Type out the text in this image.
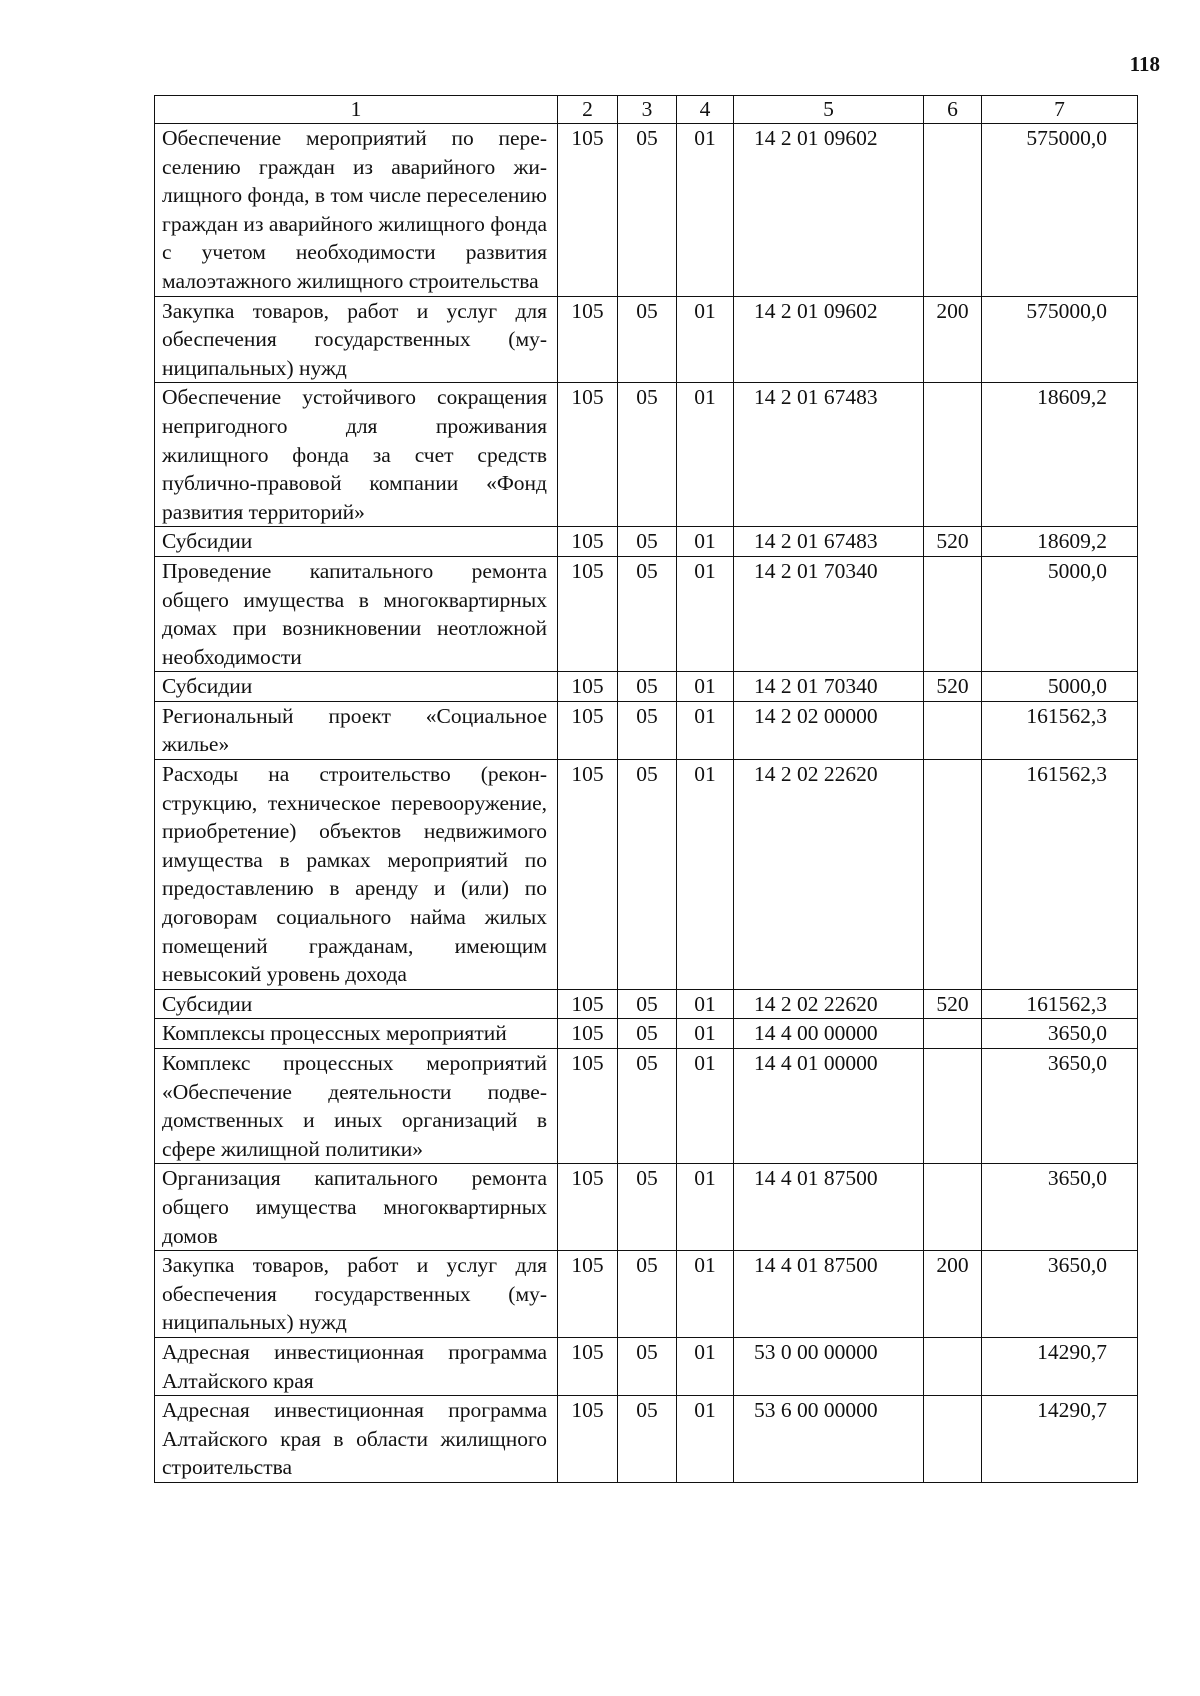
118
1	2	3	4	5	6	7
Обеспечение мероприятий по переселению граждан из аварийного жилищного фонда, в том числе переселению граждан из аварийного жилищного фонда с учетом необходимости развития малоэтажного жилищного строительства	105	05	01	14 2 01 09602		575000,0
Закупка товаров, работ и услуг для обеспечения государственных (муниципальных) нужд	105	05	01	14 2 01 09602	200	575000,0
Обеспечение устойчивого сокращения непригодного для проживания жилищного фонда за счет средств публично-правовой компании «Фонд развития территорий»	105	05	01	14 2 01 67483		18609,2
Субсидии	105	05	01	14 2 01 67483	520	18609,2
Проведение капитального ремонта общего имущества в многоквартирных домах при возникновении неотложной необходимости	105	05	01	14 2 01 70340		5000,0
Субсидии	105	05	01	14 2 01 70340	520	5000,0
Региональный проект «Социальное жилье»	105	05	01	14 2 02 00000		161562,3
Расходы на строительство (реконструкцию, техническое перевооружение, приобретение) объектов недвижимого имущества в рамках мероприятий по предоставлению в аренду и (или) по договорам социального найма жилых помещений гражданам, имеющим невысокий уровень дохода	105	05	01	14 2 02 22620		161562,3
Субсидии	105	05	01	14 2 02 22620	520	161562,3
Комплексы процессных мероприятий	105	05	01	14 4 00 00000		3650,0
Комплекс процессных мероприятий «Обеспечение деятельности подведомственных и иных организаций в сфере жилищной политики»	105	05	01	14 4 01 00000		3650,0
Организация капитального ремонта общего имущества многоквартирных домов	105	05	01	14 4 01 87500		3650,0
Закупка товаров, работ и услуг для обеспечения государственных (муниципальных) нужд	105	05	01	14 4 01 87500	200	3650,0
Адресная инвестиционная программа Алтайского края	105	05	01	53 0 00 00000		14290,7
Адресная инвестиционная программа Алтайского края в области жилищного строительства	105	05	01	53 6 00 00000		14290,7
